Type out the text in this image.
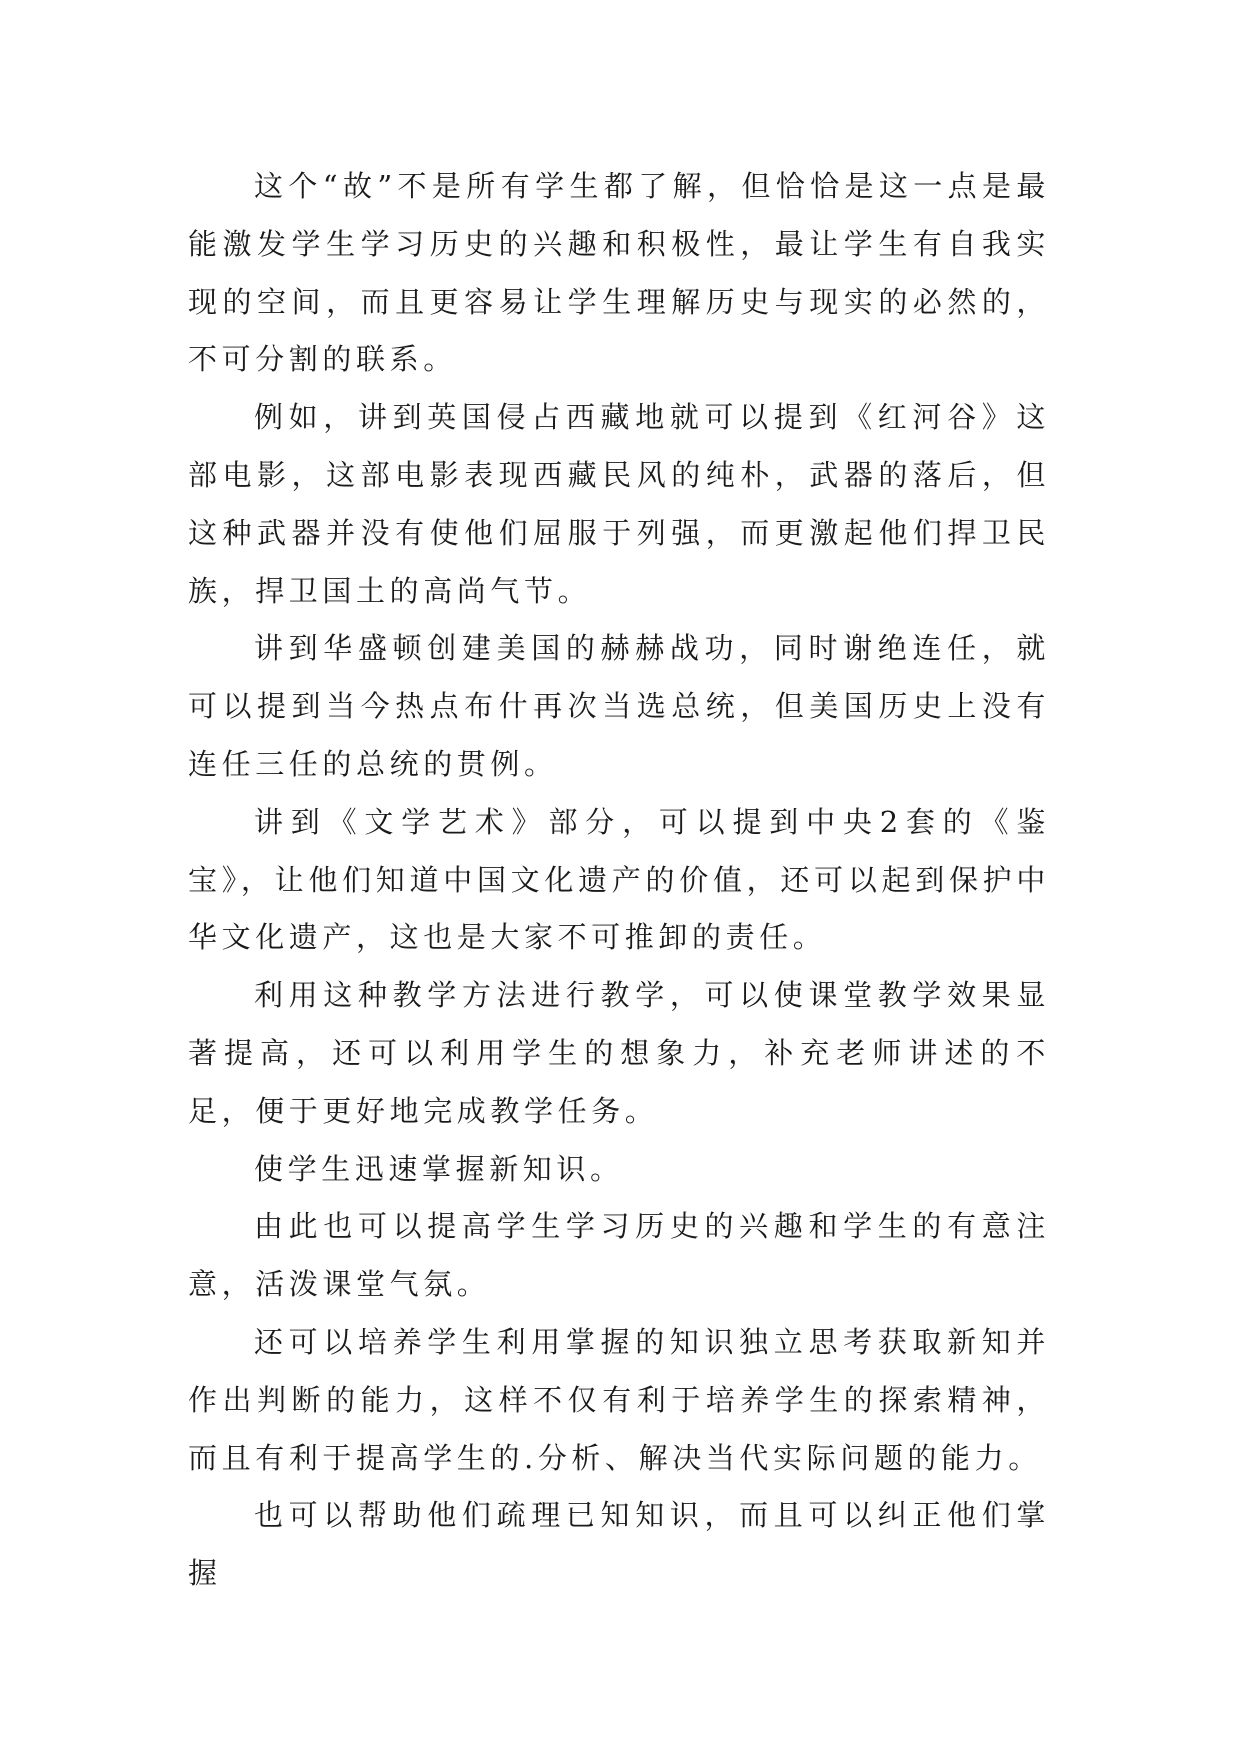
这个“故”不是所有学生都了解，但恰恰是这一点是最能激发学生学习历史的兴趣和积极性，最让学生有自我实现的空间，而且更容易让学生理解历史与现实的必然的，不可分割的联系。

例如，讲到英国侵占西藏地就可以提到《红河谷》这部电影，这部电影表现西藏民风的纯朴，武器的落后，但这种武器并没有使他们屈服于列强，而更激起他们捍卫民族，捍卫国土的高尚气节。

讲到华盛顿创建美国的赫赫战功，同时谢绝连任，就可以提到当今热点布什再次当选总统，但美国历史上没有连任三任的总统的贯例。

讲到《文学艺术》部分，可以提到中央2套的《鉴宝》，让他们知道中国文化遗产的价值，还可以起到保护中华文化遗产，这也是大家不可推卸的责任。

利用这种教学方法进行教学，可以使课堂教学效果显著提高，还可以利用学生的想象力，补充老师讲述的不足，便于更好地完成教学任务。

使学生迅速掌握新知识。

由此也可以提高学生学习历史的兴趣和学生的有意注意，活泼课堂气氛。

还可以培养学生利用掌握的知识独立思考获取新知并作出判断的能力，这样不仅有利于培养学生的探索精神，而且有利于提高学生的.分析、解决当代实际问题的能力。

也可以帮助他们疏理已知知识，而且可以纠正他们掌握
